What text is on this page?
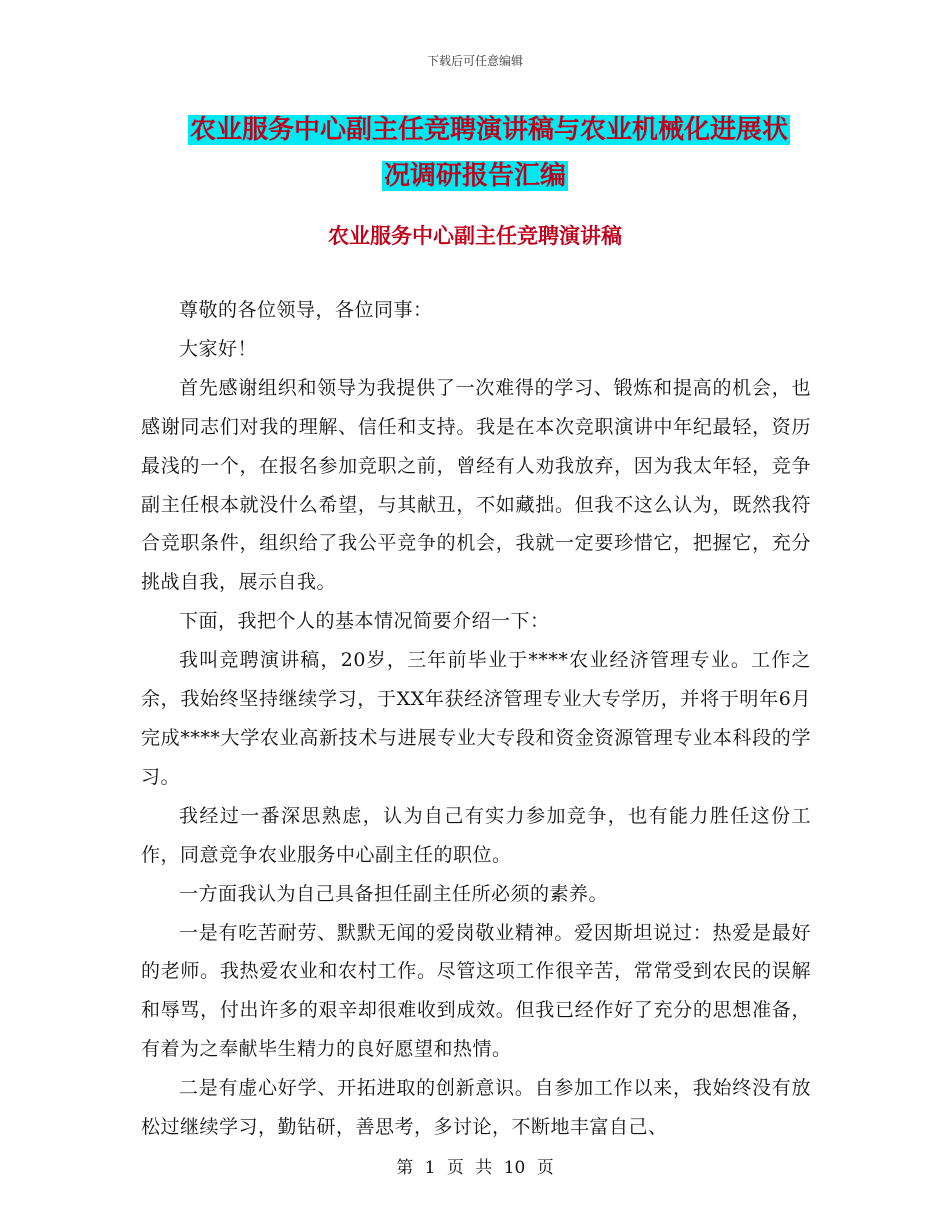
下载后可任意编辑
农业服务中心副主任竞聘演讲稿与农业机械化进展状
况调研报告汇编
农业服务中心副主任竞聘演讲稿

尊敬的各位领导，各位同事：

大家好！

首先感谢组织和领导为我提供了一次难得的学习、锻炼和提高的机会，也感谢同志们对我的理解、信任和支持。我是在本次竞职演讲中年纪最轻，资历最浅的一个，在报名参加竞职之前，曾经有人劝我放弃，因为我太年轻，竞争副主任根本就没什么希望，与其献丑，不如藏拙。但我不这么认为，既然我符合竞职条件，组织给了我公平竞争的机会，我就一定要珍惜它，把握它，充分挑战自我，展示自我。

下面，我把个人的基本情况简要介绍一下：

我叫竞聘演讲稿，20岁，三年前毕业于****农业经济管理专业。工作之余，我始终坚持继续学习，于XX年获经济管理专业大专学历，并将于明年6月完成****大学农业高新技术与进展专业大专段和资金资源管理专业本科段的学习。

我经过一番深思熟虑，认为自己有实力参加竞争，也有能力胜任这份工作，同意竞争农业服务中心副主任的职位。

一方面我认为自己具备担任副主任所必须的素养。

一是有吃苦耐劳、默默无闻的爱岗敬业精神。爱因斯坦说过：热爱是最好的老师。我热爱农业和农村工作。尽管这项工作很辛苦，常常受到农民的误解和辱骂，付出许多的艰辛却很难收到成效。但我已经作好了充分的思想准备，有着为之奉献毕生精力的良好愿望和热情。

二是有虚心好学、开拓进取的创新意识。自参加工作以来，我始终没有放松过继续学习，勤钻研，善思考，多讨论，不断地丰富自己、

第 1 页 共 10 页
